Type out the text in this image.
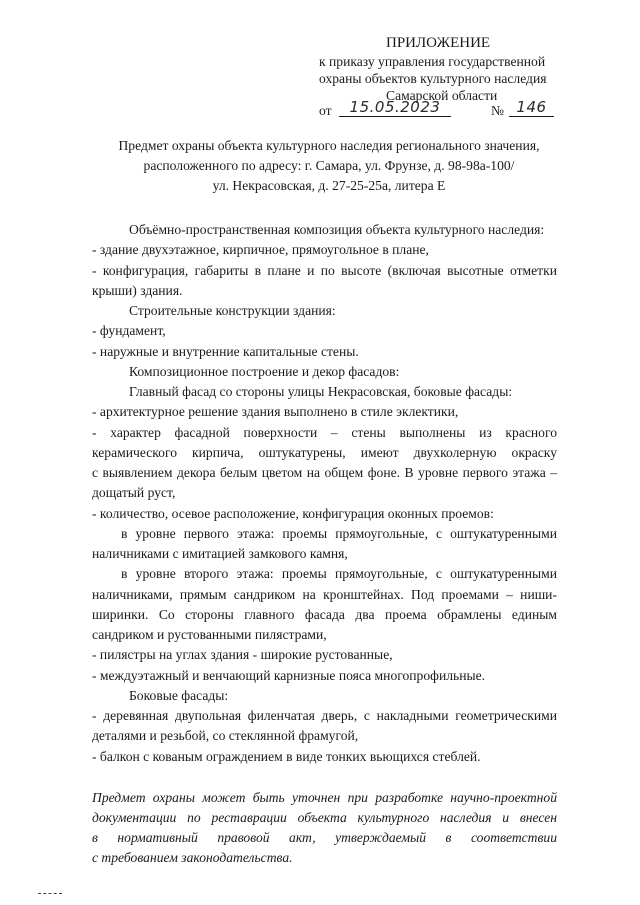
ПРИЛОЖЕНИЕ
к приказу управления государственной
охраны объектов культурного наследия
Самарской области
от	15.05.2023	№ 146
Предмет охраны объекта культурного наследия регионального значения,
расположенного по адресу: г. Самара, ул. Фрунзе, д. 98-98а-100/
ул. Некрасовская, д. 27-25-25а, литера Е
Объёмно-пространственная композиция объекта культурного наследия:
- здание двухэтажное, кирпичное, прямоугольное в плане,
- конфигурация, габариты в плане и по высоте (включая высотные отметки
крыши) здания.
Строительные конструкции здания:
- фундамент,
- наружные и внутренние капитальные стены.
Композиционное построение и декор фасадов:
Главный фасад со стороны улицы Некрасовская, боковые фасады:
- архитектурное решение здания выполнено в стиле эклектики,
- характер фасадной поверхности – стены выполнены из красного
керамического кирпича, оштукатурены, имеют двухколерную окраску
с выявлением декора белым цветом на общем фоне. В уровне первого этажа –
дощатый руст,
- количество, осевое расположение, конфигурация оконных проемов:
в уровне первого этажа: проемы прямоугольные, с оштукатуренными
наличниками с имитацией замкового камня,
в уровне второго этажа: проемы прямоугольные, с оштукатуренными
наличниками, прямым сандриком на кронштейнах. Под проемами – ниши-
ширинки. Со стороны главного фасада два проема обрамлены единым
сандриком и рустованными пилястрами,
- пилястры на углах здания - широкие рустованные,
- междуэтажный и венчающий карнизные пояса многопрофильные.
Боковые фасады:
- деревянная двупольная филенчатая дверь, с накладными геометрическими
деталями и резьбой, со стеклянной фрамугой,
- балкон с кованым ограждением в виде тонких вьющихся стеблей.
Предмет охраны может быть уточнен при разработке научно-проектной
документации по реставрации объекта культурного наследия и внесен
в нормативный правовой акт, утверждаемый в соответствии
с требованием законодательства.
